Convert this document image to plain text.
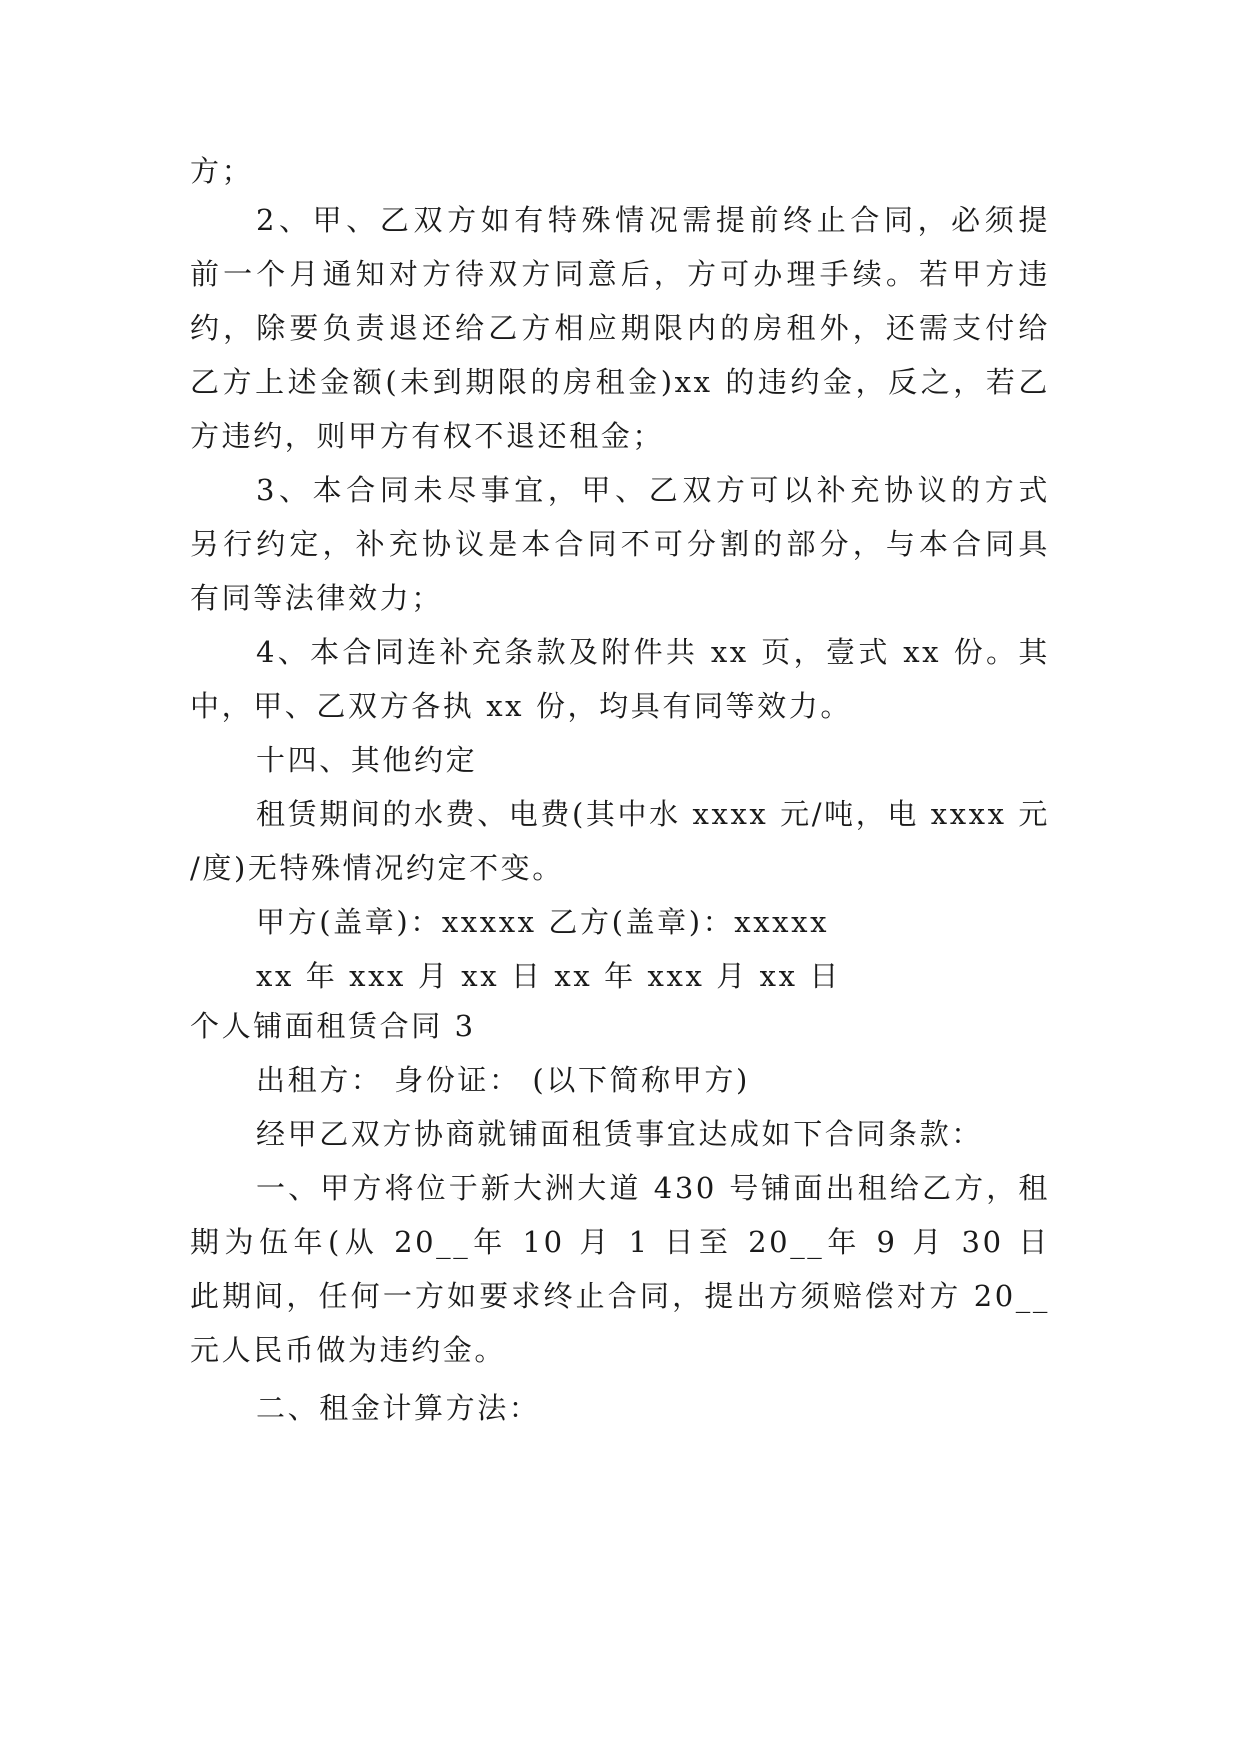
方；
2、甲、乙双方如有特殊情况需提前终止合同，必须提
前一个月通知对方待双方同意后，方可办理手续。若甲方违
约，除要负责退还给乙方相应期限内的房租外，还需支付给
乙方上述金额(未到期限的房租金)xx 的违约金，反之，若乙
方违约，则甲方有权不退还租金；
3、本合同未尽事宜，甲、乙双方可以补充协议的方式
另行约定，补充协议是本合同不可分割的部分，与本合同具
有同等法律效力；
4、本合同连补充条款及附件共 xx 页，壹式 xx 份。其
中，甲、乙双方各执 xx 份，均具有同等效力。
十四、其他约定
租赁期间的水费、电费(其中水 xxxx 元/吨，电 xxxx 元
/度)无特殊情况约定不变。
甲方(盖章)：xxxxx 乙方(盖章)：xxxxx
xx 年 xxx 月 xx 日 xx 年 xxx 月 xx 日
个人铺面租赁合同 3
出租方： 身份证： (以下简称甲方)
经甲乙双方协商就铺面租赁事宜达成如下合同条款：
一、甲方将位于新大洲大道 430 号铺面出租给乙方，租
期为伍年(从 20__年 10 月 1 日至 20__年 9 月 30 日
此期间，任何一方如要求终止合同，提出方须赔偿对方 20__
元人民币做为违约金。
二、租金计算方法：
